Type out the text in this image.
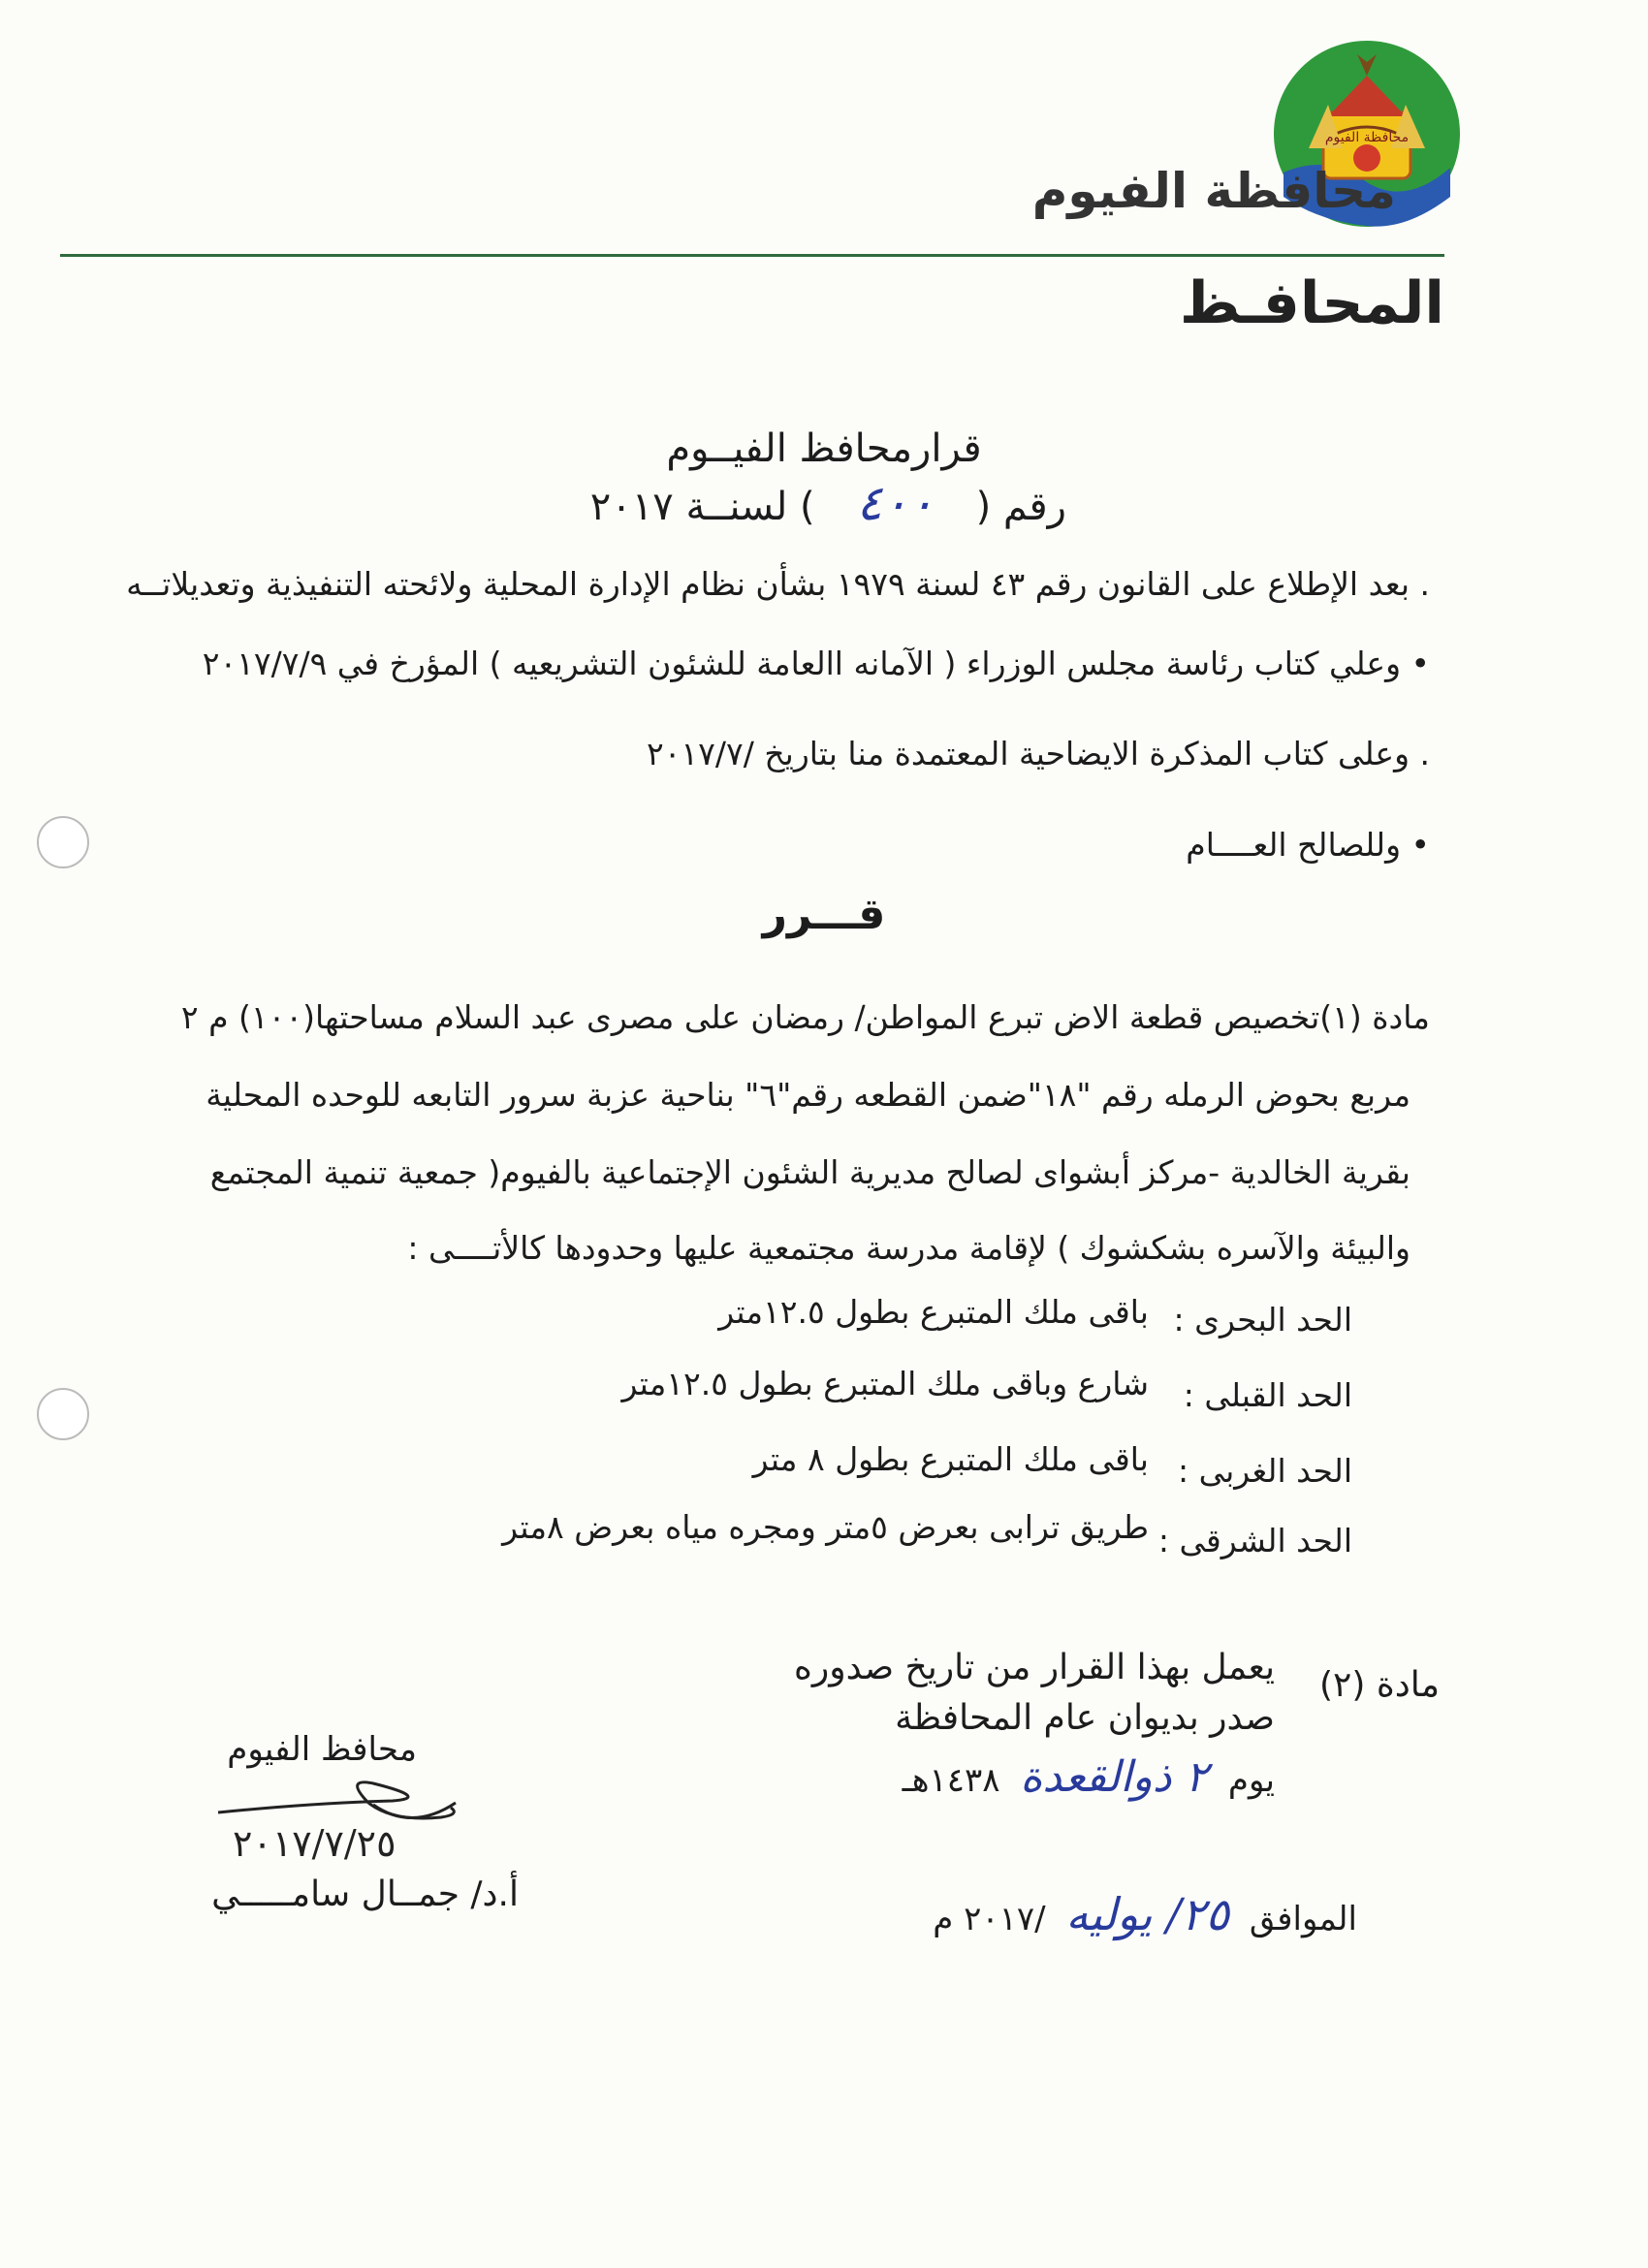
محافظة الفيوم
محافظة الفيوم
المحافـظ
قرارمحافظ الفيــوم
رقم ( ٤٠٠ ) لسنــة ٢٠١٧
. بعد الإطلاع على القانون رقم ٤٣ لسنة ١٩٧٩ بشأن نظام الإدارة المحلية ولائحته التنفيذية وتعديلاتــه
• وعلي كتاب رئاسة مجلس الوزراء ( الآمانه االعامة للشئون التشريعيه ) المؤرخ في ٢٠١٧/٧/٩
. وعلى كتاب المذكرة الايضاحية المعتمدة منا بتاريخ /٢٠١٧/٧
• وللصالح العــــام
قـــرر
مادة (١)تخصيص قطعة الاض تبرع المواطن/ رمضان على مصرى عبد السلام مساحتها(١٠٠) م ٢
مربع بحوض الرمله رقم "١٨"ضمن القطعه رقم"٦" بناحية عزبة سرور التابعه للوحده المحلية
بقرية الخالدية -مركز أبشواى لصالح مديرية الشئون الإجتماعية بالفيوم( جمعية تنمية المجتمع
والبيئة والآسره بشكشوك ) لإقامة مدرسة مجتمعية عليها وحدودها كالأتــــى :
الحد البحرى :
باقى ملك المتبرع بطول ١٢.٥متر
الحد القبلى :
شارع وباقى ملك المتبرع بطول ١٢.٥متر
الحد الغربى :
باقى ملك المتبرع بطول ٨ متر
الحد الشرقى :
طريق ترابى بعرض ٥متر ومجره مياه بعرض ٨متر
مادة (٢)
يعمل بهذا القرار من تاريخ صدوره
صدر بديوان عام المحافظة
يوم ٢ ذوالقعدة ١٤٣٨هـ
الموافق ٢٥/ يوليه /٢٠١٧ م
محافظ الفيوم
٢٠١٧/٧/٢٥
أ.د/ جمــال سامـــــي
